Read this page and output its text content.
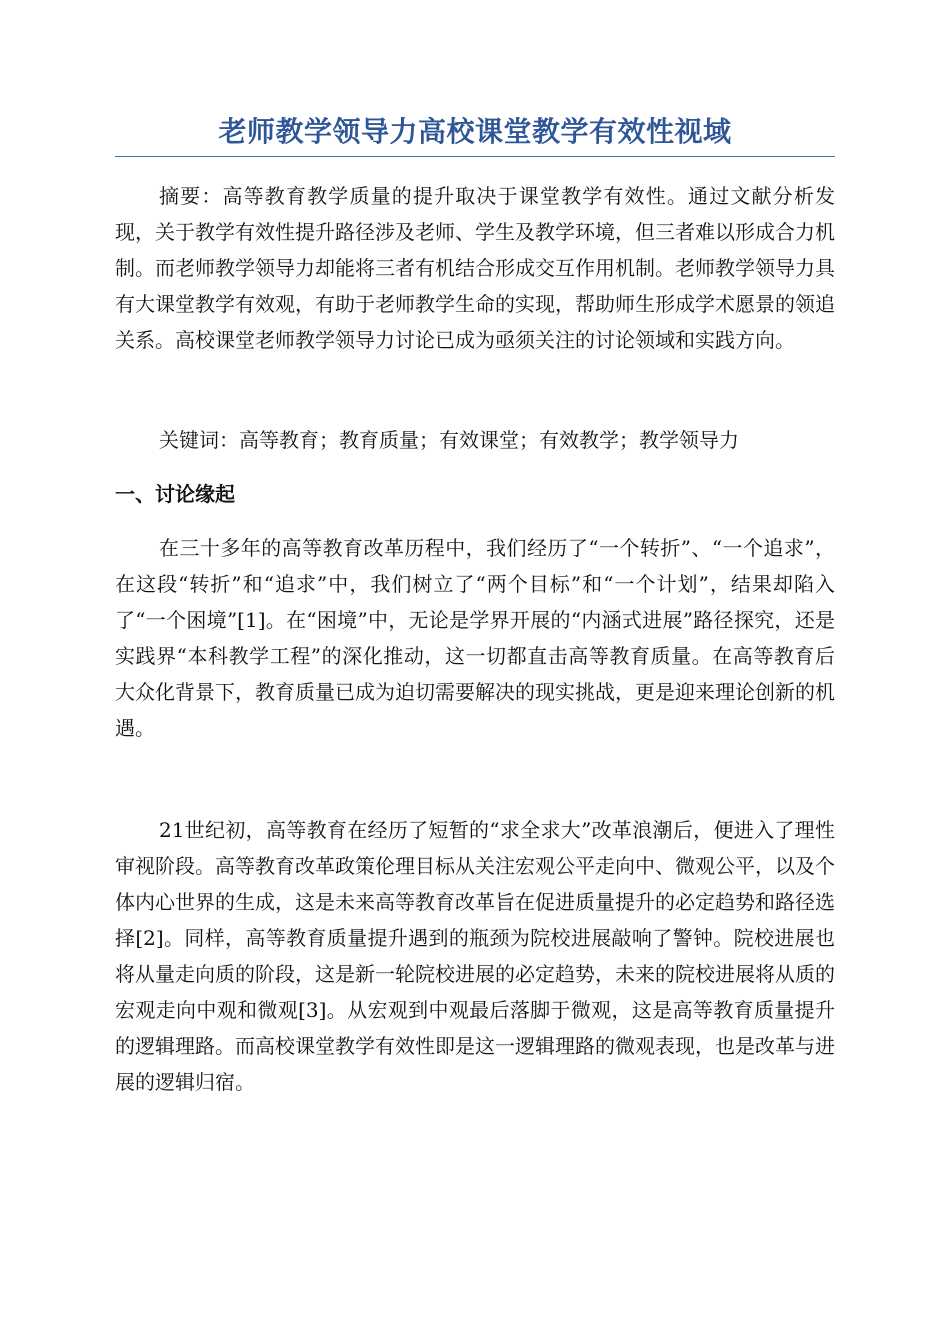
老师教学领导力高校课堂教学有效性视域

摘要：高等教育教学质量的提升取决于课堂教学有效性。通过文献分析发现，关于教学有效性提升路径涉及老师、学生及教学环境，但三者难以形成合力机制。而老师教学领导力却能将三者有机结合形成交互作用机制。老师教学领导力具有大课堂教学有效观，有助于老师教学生命的实现，帮助师生形成学术愿景的领追关系。高校课堂老师教学领导力讨论已成为亟须关注的讨论领域和实践方向。

关键词：高等教育；教育质量；有效课堂；有效教学；教学领导力

一、讨论缘起

在三十多年的高等教育改革历程中，我们经历了“一个转折”、“一个追求”，在这段“转折”和“追求”中，我们树立了“两个目标”和“一个计划”，结果却陷入了“一个困境”[1]。在“困境”中，无论是学界开展的“内涵式进展”路径探究，还是实践界“本科教学工程”的深化推动，这一切都直击高等教育质量。在高等教育后大众化背景下，教育质量已成为迫切需要解决的现实挑战，更是迎来理论创新的机遇。

21世纪初，高等教育在经历了短暂的“求全求大”改革浪潮后，便进入了理性审视阶段。高等教育改革政策伦理目标从关注宏观公平走向中、微观公平，以及个体内心世界的生成，这是未来高等教育改革旨在促进质量提升的必定趋势和路径选择[2]。同样，高等教育质量提升遇到的瓶颈为院校进展敲响了警钟。院校进展也将从量走向质的阶段，这是新一轮院校进展的必定趋势，未来的院校进展将从质的宏观走向中观和微观[3]。从宏观到中观最后落脚于微观，这是高等教育质量提升的逻辑理路。而高校课堂教学有效性即是这一逻辑理路的微观表现，也是改革与进展的逻辑归宿。
